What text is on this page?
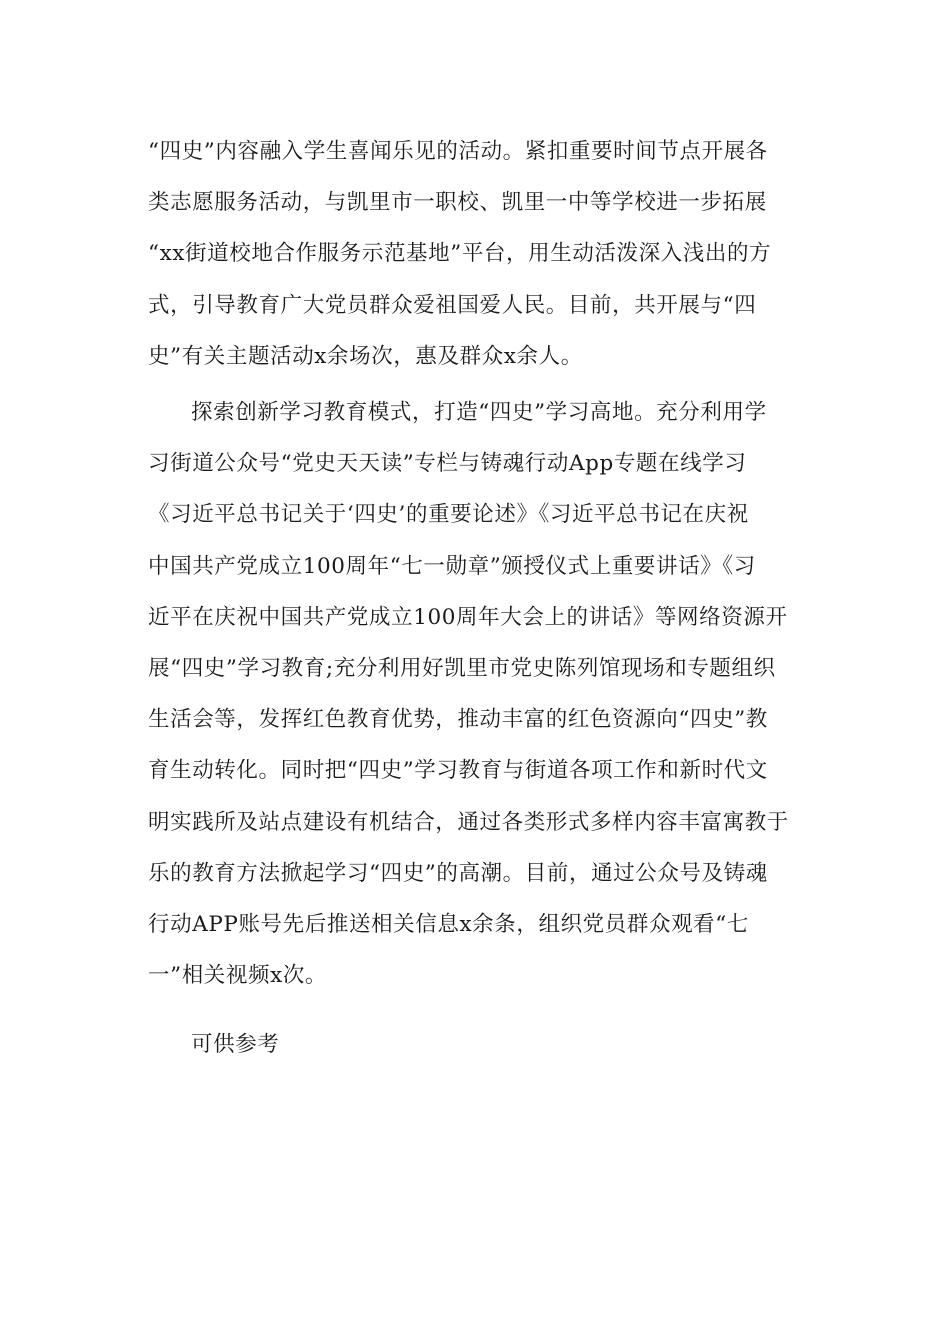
“四史”内容融入学生喜闻乐见的活动。紧扣重要时间节点开展各
类志愿服务活动，与凯里市一职校、凯里一中等学校进一步拓展
“xx街道校地合作服务示范基地”平台，用生动活泼深入浅出的方
式，引导教育广大党员群众爱祖国爱人民。目前，共开展与“四
史”有关主题活动x余场次，惠及群众x余人。
探索创新学习教育模式，打造“四史”学习高地。充分利用学
习街道公众号“党史天天读”专栏与铸魂行动App专题在线学习
《习近平总书记关于‘四史’的重要论述》《习近平总书记在庆祝
中国共产党成立100周年“七一勋章”颁授仪式上重要讲话》《习
近平在庆祝中国共产党成立100周年大会上的讲话》等网络资源开
展“四史”学习教育;充分利用好凯里市党史陈列馆现场和专题组织
生活会等，发挥红色教育优势，推动丰富的红色资源向“四史”教
育生动转化。同时把“四史”学习教育与街道各项工作和新时代文
明实践所及站点建设有机结合，通过各类形式多样内容丰富寓教于
乐的教育方法掀起学习“四史”的高潮。目前，通过公众号及铸魂
行动APP账号先后推送相关信息x余条，组织党员群众观看“七
一”相关视频x次。
可供参考
